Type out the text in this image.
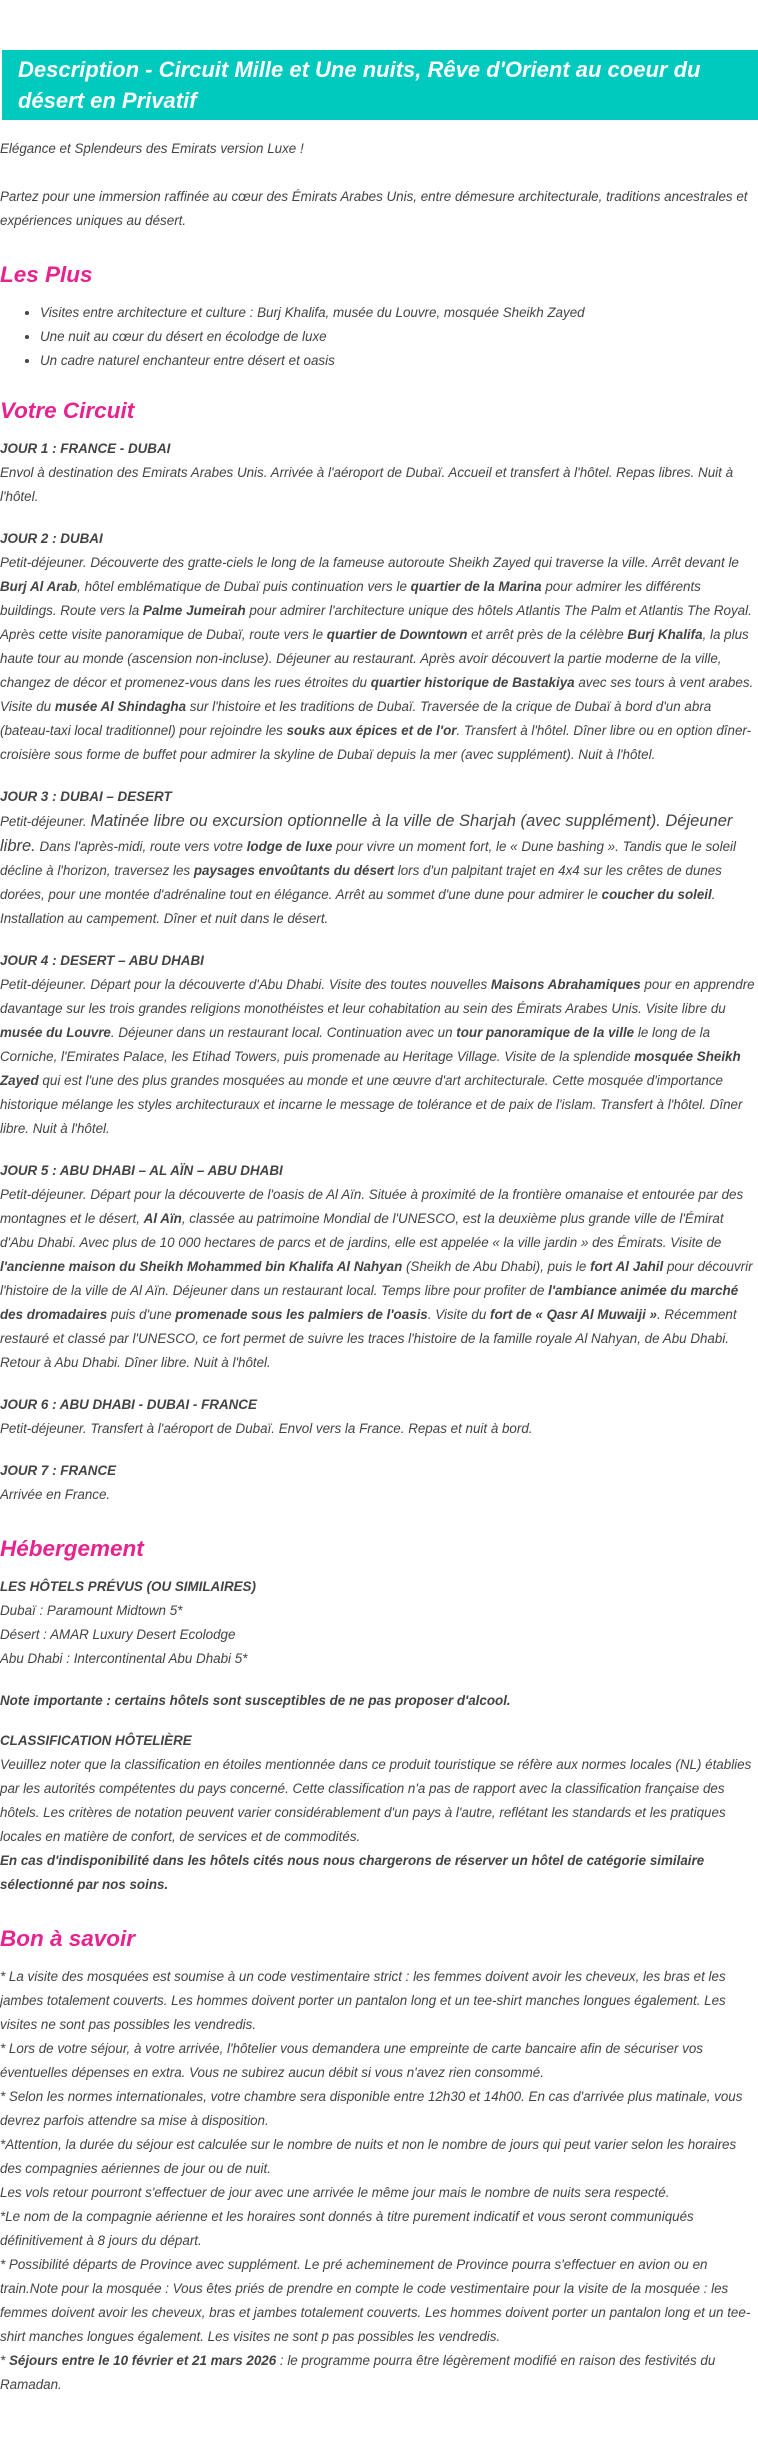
Description - Circuit Mille et Une nuits, Rêve d'Orient au coeur du désert en Privatif

Elégance et Splendeurs des Emirats version Luxe !

Partez pour une immersion raffinée au cœur des Émirats Arabes Unis, entre démesure architecturale, traditions ancestrales et expériences uniques au désert.

Les Plus
• Visites entre architecture et culture : Burj Khalifa, musée du Louvre, mosquée Sheikh Zayed
• Une nuit au cœur du désert en écolodge de luxe
• Un cadre naturel enchanteur entre désert et oasis
Votre Circuit

JOUR 1 : FRANCE - DUBAI

Envol à destination des Emirats Arabes Unis. Arrivée à l'aéroport de Dubaï. Accueil et transfert à l'hôtel. Repas libres. Nuit à l'hôtel.

JOUR 2 : DUBAI

Petit-déjeuner. Découverte des gratte-ciels le long de la fameuse autoroute Sheikh Zayed qui traverse la ville. Arrêt devant le Burj Al Arab, hôtel emblématique de Dubaï puis continuation vers le quartier de la Marina pour admirer les différents buildings. Route vers la Palme Jumeirah pour admirer l'architecture unique des hôtels Atlantis The Palm et Atlantis The Royal. Après cette visite panoramique de Dubaï, route vers le quartier de Downtown et arrêt près de la célèbre Burj Khalifa, la plus haute tour au monde (ascension non-incluse). Déjeuner au restaurant. Après avoir découvert la partie moderne de la ville, changez de décor et promenez-vous dans les rues étroites du quartier historique de Bastakiya avec ses tours à vent arabes. Visite du musée Al Shindagha sur l'histoire et les traditions de Dubaï. Traversée de la crique de Dubaï à bord d'un abra (bateau-taxi local traditionnel) pour rejoindre les souks aux épices et de l'or. Transfert à l'hôtel. Dîner libre ou en option dîner-croisière sous forme de buffet pour admirer la skyline de Dubaï depuis la mer (avec supplément). Nuit à l'hôtel.

JOUR 3 : DUBAI – DESERT

Petit-déjeuner. Matinée libre ou excursion optionnelle à la ville de Sharjah (avec supplément). Déjeuner libre. Dans l'après-midi, route vers votre lodge de luxe pour vivre un moment fort, le « Dune bashing ». Tandis que le soleil décline à l'horizon, traversez les paysages envoûtants du désert lors d'un palpitant trajet en 4x4 sur les crêtes de dunes dorées, pour une montée d'adrénaline tout en élégance. Arrêt au sommet d'une dune pour admirer le coucher du soleil. Installation au campement. Dîner et nuit dans le désert.

JOUR 4 : DESERT – ABU DHABI

Petit-déjeuner. Départ pour la découverte d'Abu Dhabi. Visite des toutes nouvelles Maisons Abrahamiques pour en apprendre davantage sur les trois grandes religions monothéistes et leur cohabitation au sein des Émirats Arabes Unis. Visite libre du musée du Louvre. Déjeuner dans un restaurant local. Continuation avec un tour panoramique de la ville le long de la Corniche, l'Emirates Palace, les Etihad Towers, puis promenade au Heritage Village. Visite de la splendide mosquée Sheikh Zayed qui est l'une des plus grandes mosquées au monde et une œuvre d'art architecturale. Cette mosquée d'importance historique mélange les styles architecturaux et incarne le message de tolérance et de paix de l'islam. Transfert à l'hôtel. Dîner libre. Nuit à l'hôtel.

JOUR 5 : ABU DHABI – AL AÏN – ABU DHABI

Petit-déjeuner. Départ pour la découverte de l'oasis de Al Aïn. Située à proximité de la frontière omanaise et entourée par des montagnes et le désert, Al Aïn, classée au patrimoine Mondial de l'UNESCO, est la deuxième plus grande ville de l'Émirat d'Abu Dhabi. Avec plus de 10 000 hectares de parcs et de jardins, elle est appelée « la ville jardin » des Émirats. Visite de l'ancienne maison du Sheikh Mohammed bin Khalifa Al Nahyan (Sheikh de Abu Dhabi), puis le fort Al Jahil pour découvrir l'histoire de la ville de Al Aïn. Déjeuner dans un restaurant local. Temps libre pour profiter de l'ambiance animée du marché des dromadaires puis d'une promenade sous les palmiers de l'oasis. Visite du fort de « Qasr Al Muwaiji ». Récemment restauré et classé par l'UNESCO, ce fort permet de suivre les traces l'histoire de la famille royale Al Nahyan, de Abu Dhabi. Retour à Abu Dhabi. Dîner libre. Nuit à l'hôtel.

JOUR 6 : ABU DHABI - DUBAI - FRANCE

Petit-déjeuner. Transfert à l'aéroport de Dubaï. Envol vers la France. Repas et nuit à bord.

JOUR 7 : FRANCE

Arrivée en France.

Hébergement

LES HÔTELS PRÉVUS (OU SIMILAIRES)

Dubaï : Paramount Midtown 5*

Désert : AMAR Luxury Desert Ecolodge

Abu Dhabi : Intercontinental Abu Dhabi 5*

Note importante : certains hôtels sont susceptibles de ne pas proposer d'alcool.

CLASSIFICATION HÔTELIÈRE

Veuillez noter que la classification en étoiles mentionnée dans ce produit touristique se réfère aux normes locales (NL) établies par les autorités compétentes du pays concerné. Cette classification n'a pas de rapport avec la classification française des hôtels. Les critères de notation peuvent varier considérablement d'un pays à l'autre, reflétant les standards et les pratiques locales en matière de confort, de services et de commodités.

En cas d'indisponibilité dans les hôtels cités nous nous chargerons de réserver un hôtel de catégorie similaire sélectionné par nos soins.

Bon à savoir

* La visite des mosquées est soumise à un code vestimentaire strict : les femmes doivent avoir les cheveux, les bras et les jambes totalement couverts. Les hommes doivent porter un pantalon long et un tee-shirt manches longues également. Les visites ne sont pas possibles les vendredis.

* Lors de votre séjour, à votre arrivée, l'hôtelier vous demandera une empreinte de carte bancaire afin de sécuriser vos éventuelles dépenses en extra. Vous ne subirez aucun débit si vous n'avez rien consommé.

* Selon les normes internationales, votre chambre sera disponible entre 12h30 et 14h00. En cas d'arrivée plus matinale, vous devrez parfois attendre sa mise à disposition.

*Attention, la durée du séjour est calculée sur le nombre de nuits et non le nombre de jours qui peut varier selon les horaires des compagnies aériennes de jour ou de nuit.

Les vols retour pourront s'effectuer de jour avec une arrivée le même jour mais le nombre de nuits sera respecté.

*Le nom de la compagnie aérienne et les horaires sont donnés à titre purement indicatif et vous seront communiqués définitivement à 8 jours du départ.

* Possibilité départs de Province avec supplément. Le pré acheminement de Province pourra s'effectuer en avion ou en train.Note pour la mosquée : Vous êtes priés de prendre en compte le code vestimentaire pour la visite de la mosquée : les femmes doivent avoir les cheveux, bras et jambes totalement couverts. Les hommes doivent porter un pantalon long et un tee-shirt manches longues également. Les visites ne sont p pas possibles les vendredis.

* Séjours entre le 10 février et 21 mars 2026 : le programme pourra être légèrement modifié en raison des festivités du Ramadan.
